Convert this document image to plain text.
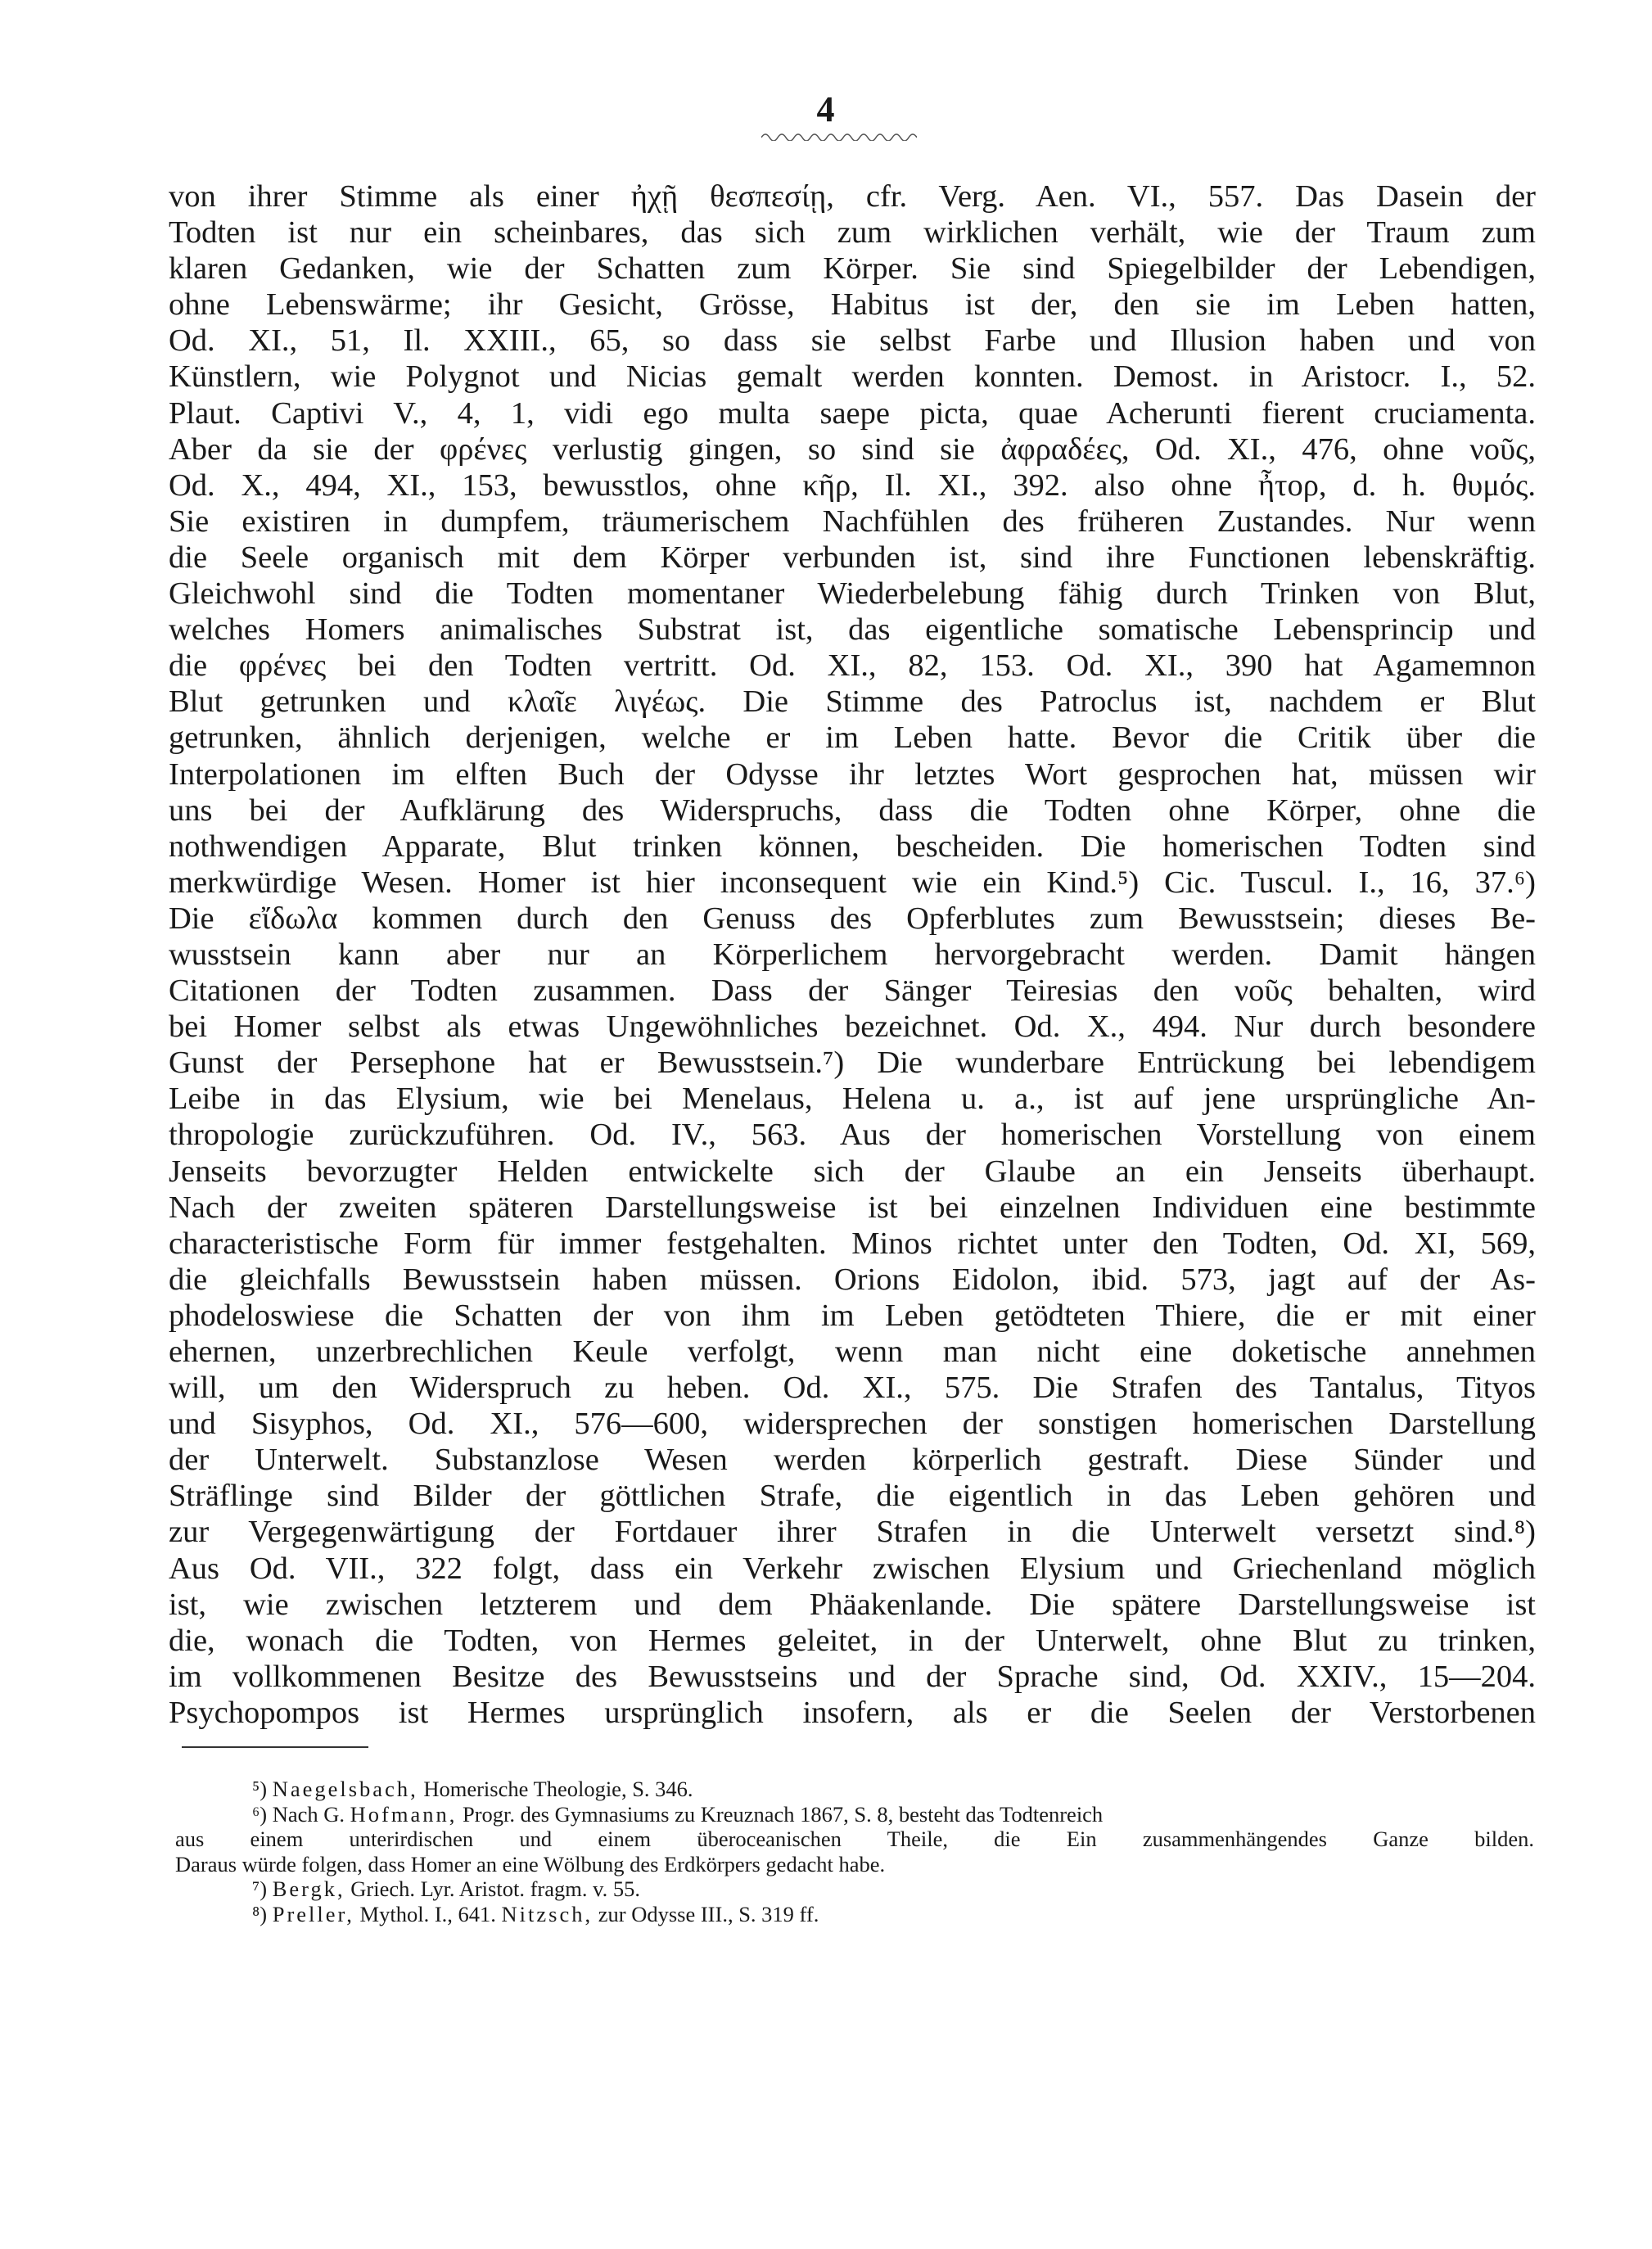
4
von ihrer Stimme als einer ἠχῇ θεσπεσίῃ, cfr. Verg. Aen. VI., 557. Das Dasein der
Todten ist nur ein scheinbares, das sich zum wirklichen verhält, wie der Traum zum
klaren Gedanken, wie der Schatten zum Körper. Sie sind Spiegelbilder der Lebendigen,
ohne Lebenswärme; ihr Gesicht, Grösse, Habitus ist der, den sie im Leben hatten,
Od. XI., 51, Il. XXIII., 65, so dass sie selbst Farbe und Illusion haben und von
Künstlern, wie Polygnot und Nicias gemalt werden konnten. Demost. in Aristocr. I., 52.
Plaut. Captivi V., 4, 1, vidi ego multa saepe picta, quae Acherunti fierent cruciamenta.
Aber da sie der φρένες verlustig gingen, so sind sie ἀφραδέες, Od. XI., 476, ohne νοῦς,
Od. X., 494, XI., 153, bewusstlos, ohne κῆρ, Il. XI., 392. also ohne ἦτορ, d. h. θυμός.
Sie existiren in dumpfem, träumerischem Nachfühlen des früheren Zustandes. Nur wenn
die Seele organisch mit dem Körper verbunden ist, sind ihre Functionen lebenskräftig.
Gleichwohl sind die Todten momentaner Wiederbelebung fähig durch Trinken von Blut,
welches Homers animalisches Substrat ist, das eigentliche somatische Lebensprincip und
die φρένες bei den Todten vertritt. Od. XI., 82, 153. Od. XI., 390 hat Agamemnon
Blut getrunken und κλαῖε λιγέως. Die Stimme des Patroclus ist, nachdem er Blut
getrunken, ähnlich derjenigen, welche er im Leben hatte. Bevor die Critik über die
Interpolationen im elften Buch der Odysse ihr letztes Wort gesprochen hat, müssen wir
uns bei der Aufklärung des Widerspruchs, dass die Todten ohne Körper, ohne die
nothwendigen Apparate, Blut trinken können, bescheiden. Die homerischen Todten sind
merkwürdige Wesen. Homer ist hier inconsequent wie ein Kind.⁵) Cic. Tuscul. I., 16, 37.⁶)
Die εἴδωλα kommen durch den Genuss des Opferblutes zum Bewusstsein; dieses Be-
wusstsein kann aber nur an Körperlichem hervorgebracht werden. Damit hängen
Citationen der Todten zusammen. Dass der Sänger Teiresias den νοῦς behalten, wird
bei Homer selbst als etwas Ungewöhnliches bezeichnet. Od. X., 494. Nur durch besondere
Gunst der Persephone hat er Bewusstsein.⁷) Die wunderbare Entrückung bei lebendigem
Leibe in das Elysium, wie bei Menelaus, Helena u. a., ist auf jene ursprüngliche An-
thropologie zurückzuführen. Od. IV., 563. Aus der homerischen Vorstellung von einem
Jenseits bevorzugter Helden entwickelte sich der Glaube an ein Jenseits überhaupt.
Nach der zweiten späteren Darstellungsweise ist bei einzelnen Individuen eine bestimmte
characteristische Form für immer festgehalten. Minos richtet unter den Todten, Od. XI, 569,
die gleichfalls Bewusstsein haben müssen. Orions Eidolon, ibid. 573, jagt auf der As-
phodeloswiese die Schatten der von ihm im Leben getödteten Thiere, die er mit einer
ehernen, unzerbrechlichen Keule verfolgt, wenn man nicht eine doketische annehmen
will, um den Widerspruch zu heben. Od. XI., 575. Die Strafen des Tantalus, Tityos
und Sisyphos, Od. XI., 576—600, widersprechen der sonstigen homerischen Darstellung
der Unterwelt. Substanzlose Wesen werden körperlich gestraft. Diese Sünder und
Sträflinge sind Bilder der göttlichen Strafe, die eigentlich in das Leben gehören und
zur Vergegenwärtigung der Fortdauer ihrer Strafen in die Unterwelt versetzt sind.⁸)
Aus Od. VII., 322 folgt, dass ein Verkehr zwischen Elysium und Griechenland möglich
ist, wie zwischen letzterem und dem Phäakenlande. Die spätere Darstellungsweise ist
die, wonach die Todten, von Hermes geleitet, in der Unterwelt, ohne Blut zu trinken,
im vollkommenen Besitze des Bewusstseins und der Sprache sind, Od. XXIV., 15—204.
Psychopompos ist Hermes ursprünglich insofern, als er die Seelen der Verstorbenen
⁵) Naegelsbach, Homerische Theologie, S. 346.
⁶) Nach G. Hofmann, Progr. des Gymnasiums zu Kreuznach 1867, S. 8, besteht das Todtenreich
aus einem unterirdischen und einem überoceanischen Theile, die Ein zusammenhängendes Ganze bilden.
Daraus würde folgen, dass Homer an eine Wölbung des Erdkörpers gedacht habe.
⁷) Bergk, Griech. Lyr. Aristot. fragm. v. 55.
⁸) Preller, Mythol. I., 641. Nitzsch, zur Odysse III., S. 319 ff.
